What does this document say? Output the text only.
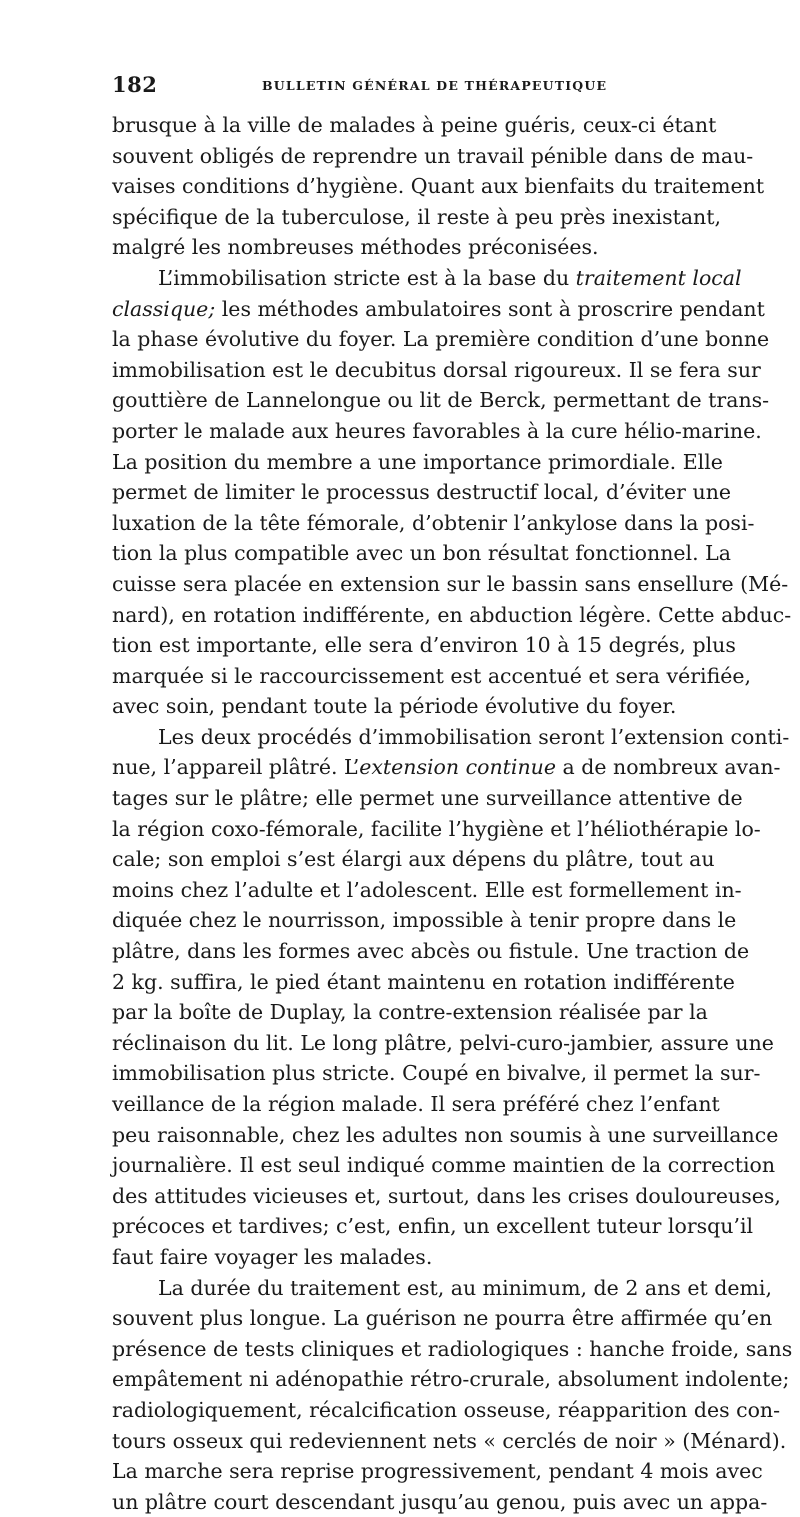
182	BULLETIN GÉNÉRAL DE THÉRAPEUTIQUE
brusque à la ville de malades à peine guéris, ceux-ci étant
souvent obligés de reprendre un travail pénible dans de mau-
vaises conditions d’hygiène. Quant aux bienfaits du traitement
spécifique de la tuberculose, il reste à peu près inexistant,
malgré les nombreuses méthodes préconisées.
L’immobilisation stricte est à la base du traitement local
classique; les méthodes ambulatoires sont à proscrire pendant
la phase évolutive du foyer. La première condition d’une bonne
immobilisation est le decubitus dorsal rigoureux. Il se fera sur
gouttière de Lannelongue ou lit de Berck, permettant de trans-
porter le malade aux heures favorables à la cure hélio-marine.
La position du membre a une importance primordiale. Elle
permet de limiter le processus destructif local, d’éviter une
luxation de la tête fémorale, d’obtenir l’ankylose dans la posi-
tion la plus compatible avec un bon résultat fonctionnel. La
cuisse sera placée en extension sur le bassin sans ensellure (Mé-
nard), en rotation indifférente, en abduction légère. Cette abduc-
tion est importante, elle sera d’environ 10 à 15 degrés, plus
marquée si le raccourcissement est accentué et sera vérifiée,
avec soin, pendant toute la période évolutive du foyer.
Les deux procédés d’immobilisation seront l’extension conti-
nue, l’appareil plâtré. L’extension continue a de nombreux avan-
tages sur le plâtre; elle permet une surveillance attentive de
la région coxo-fémorale, facilite l’hygiène et l’héliothérapie lo-
cale; son emploi s’est élargi aux dépens du plâtre, tout au
moins chez l’adulte et l’adolescent. Elle est formellement in-
diquée chez le nourrisson, impossible à tenir propre dans le
plâtre, dans les formes avec abcès ou fistule. Une traction de
2 kg. suffira, le pied étant maintenu en rotation indifférente
par la boîte de Duplay, la contre-extension réalisée par la
réclinaison du lit. Le long plâtre, pelvi-curo-jambier, assure une
immobilisation plus stricte. Coupé en bivalve, il permet la sur-
veillance de la région malade. Il sera préféré chez l’enfant
peu raisonnable, chez les adultes non soumis à une surveillance
journalière. Il est seul indiqué comme maintien de la correction
des attitudes vicieuses et, surtout, dans les crises douloureuses,
précoces et tardives; c’est, enfin, un excellent tuteur lorsqu’il
faut faire voyager les malades.
La durée du traitement est, au minimum, de 2 ans et demi,
souvent plus longue. La guérison ne pourra être affirmée qu’en
présence de tests cliniques et radiologiques : hanche froide, sans
empâtement ni adénopathie rétro-crurale, absolument indolente;
radiologiquement, récalcification osseuse, réapparition des con-
tours osseux qui redeviennent nets « cerclés de noir » (Ménard).
La marche sera reprise progressivement, pendant 4 mois avec
un plâtre court descendant jusqu’au genou, puis avec un appa-
